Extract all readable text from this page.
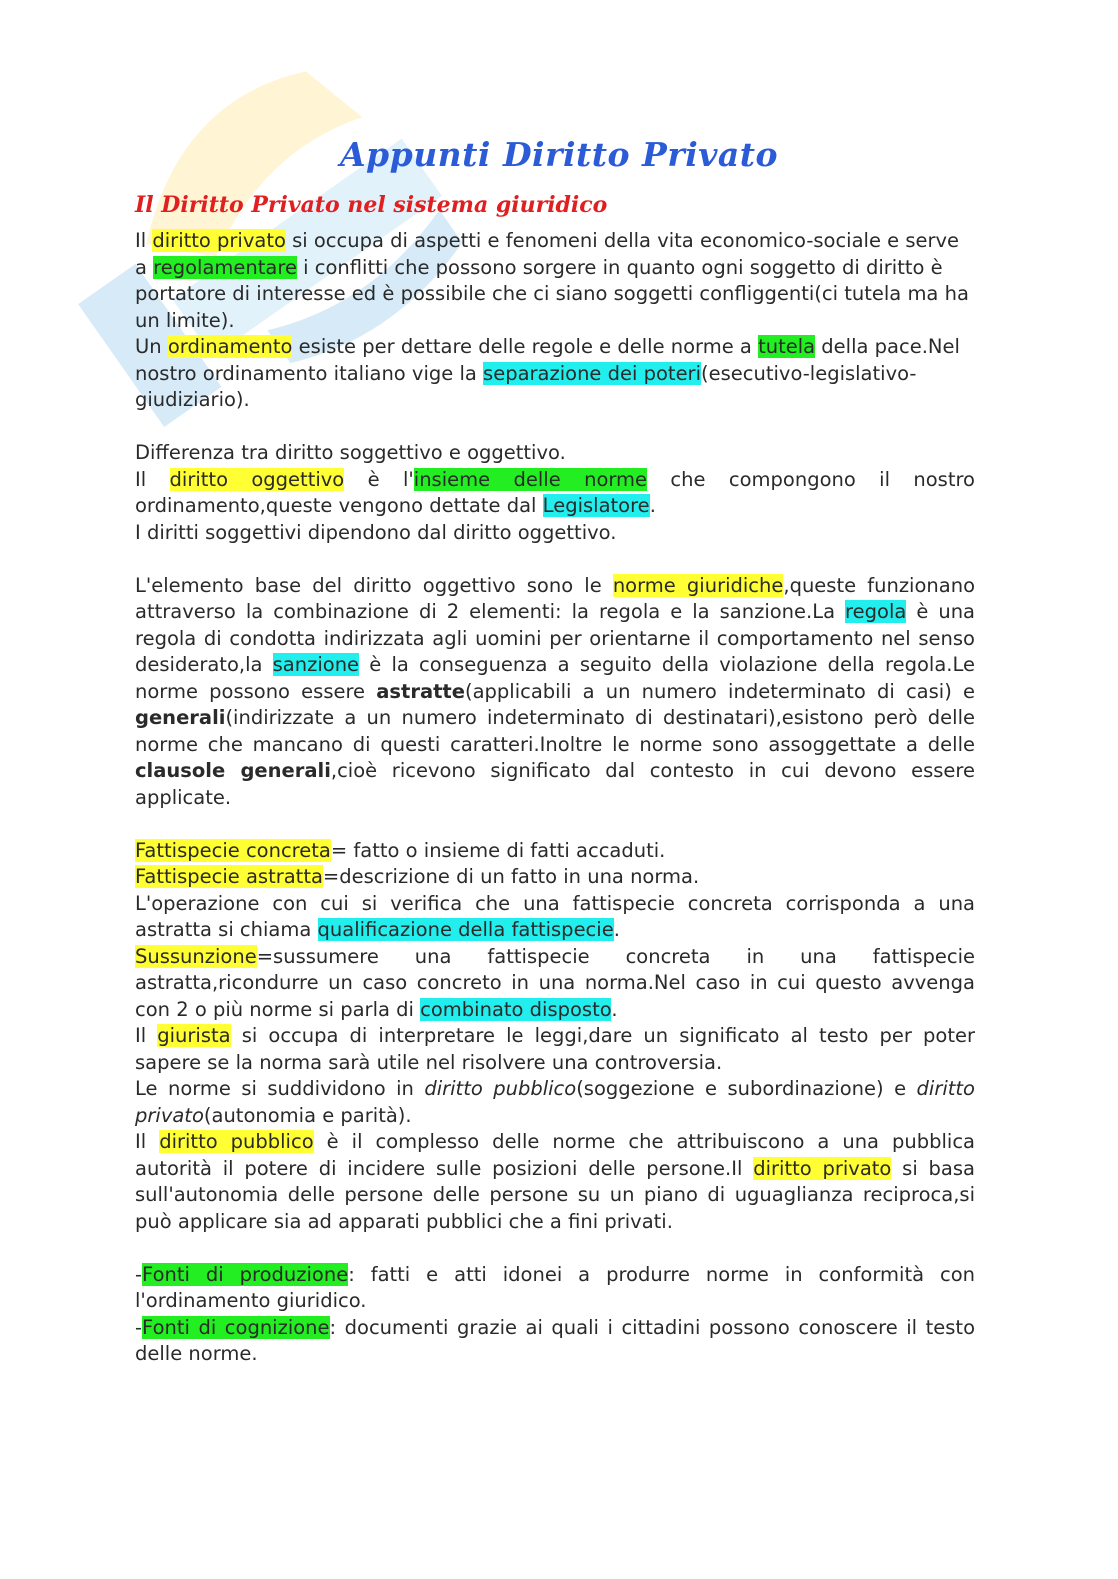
Appunti Diritto Privato
Il Diritto Privato nel sistema giuridico

Il diritto privato si occupa di aspetti e fenomeni della vita economico-sociale e serve a regolamentare i conflitti che possono sorgere in quanto ogni soggetto di diritto è portatore di interesse ed è possibile che ci siano soggetti confliggenti(ci tutela ma ha un limite).

Un ordinamento esiste per dettare delle regole e delle norme a tutela della pace.Nel nostro ordinamento italiano vige la separazione dei poteri(esecutivo-legislativo-giudiziario).

Differenza tra diritto soggettivo e oggettivo.

Il diritto oggettivo è l'insieme delle norme che compongono il nostro ordinamento,queste vengono dettate dal Legislatore.

I diritti soggettivi dipendono dal diritto oggettivo.

L'elemento base del diritto oggettivo sono le norme giuridiche,queste funzionano attraverso la combinazione di 2 elementi: la regola e la sanzione.La regola è una regola di condotta indirizzata agli uomini per orientarne il comportamento nel senso desiderato,la sanzione è la conseguenza a seguito della violazione della regola.Le norme possono essere astratte(applicabili a un numero indeterminato di casi) e generali(indirizzate a un numero indeterminato di destinatari),esistono però delle norme che mancano di questi caratteri.Inoltre le norme sono assoggettate a delle clausole generali,cioè ricevono significato dal contesto in cui devono essere applicate.

Fattispecie concreta= fatto o insieme di fatti accaduti.

Fattispecie astratta=descrizione di un fatto in una norma.

L'operazione con cui si verifica che una fattispecie concreta corrisponda a una astratta si chiama qualificazione della fattispecie.

Sussunzione=sussumere una fattispecie concreta in una fattispecie astratta,ricondurre un caso concreto in una norma.Nel caso in cui questo avvenga con 2 o più norme si parla di combinato disposto.

Il giurista si occupa di interpretare le leggi,dare un significato al testo per poter sapere se la norma sarà utile nel risolvere una controversia.

Le norme si suddividono in diritto pubblico(soggezione e subordinazione) e diritto privato(autonomia e parità).

Il diritto pubblico è il complesso delle norme che attribuiscono a una pubblica autorità il potere di incidere sulle posizioni delle persone.Il diritto privato si basa sull'autonomia delle persone delle persone su un piano di uguaglianza reciproca,si può applicare sia ad apparati pubblici che a fini privati.

-Fonti di produzione: fatti e atti idonei a produrre norme in conformità con l'ordinamento giuridico.

-Fonti di cognizione: documenti grazie ai quali i cittadini possono conoscere il testo delle norme.
